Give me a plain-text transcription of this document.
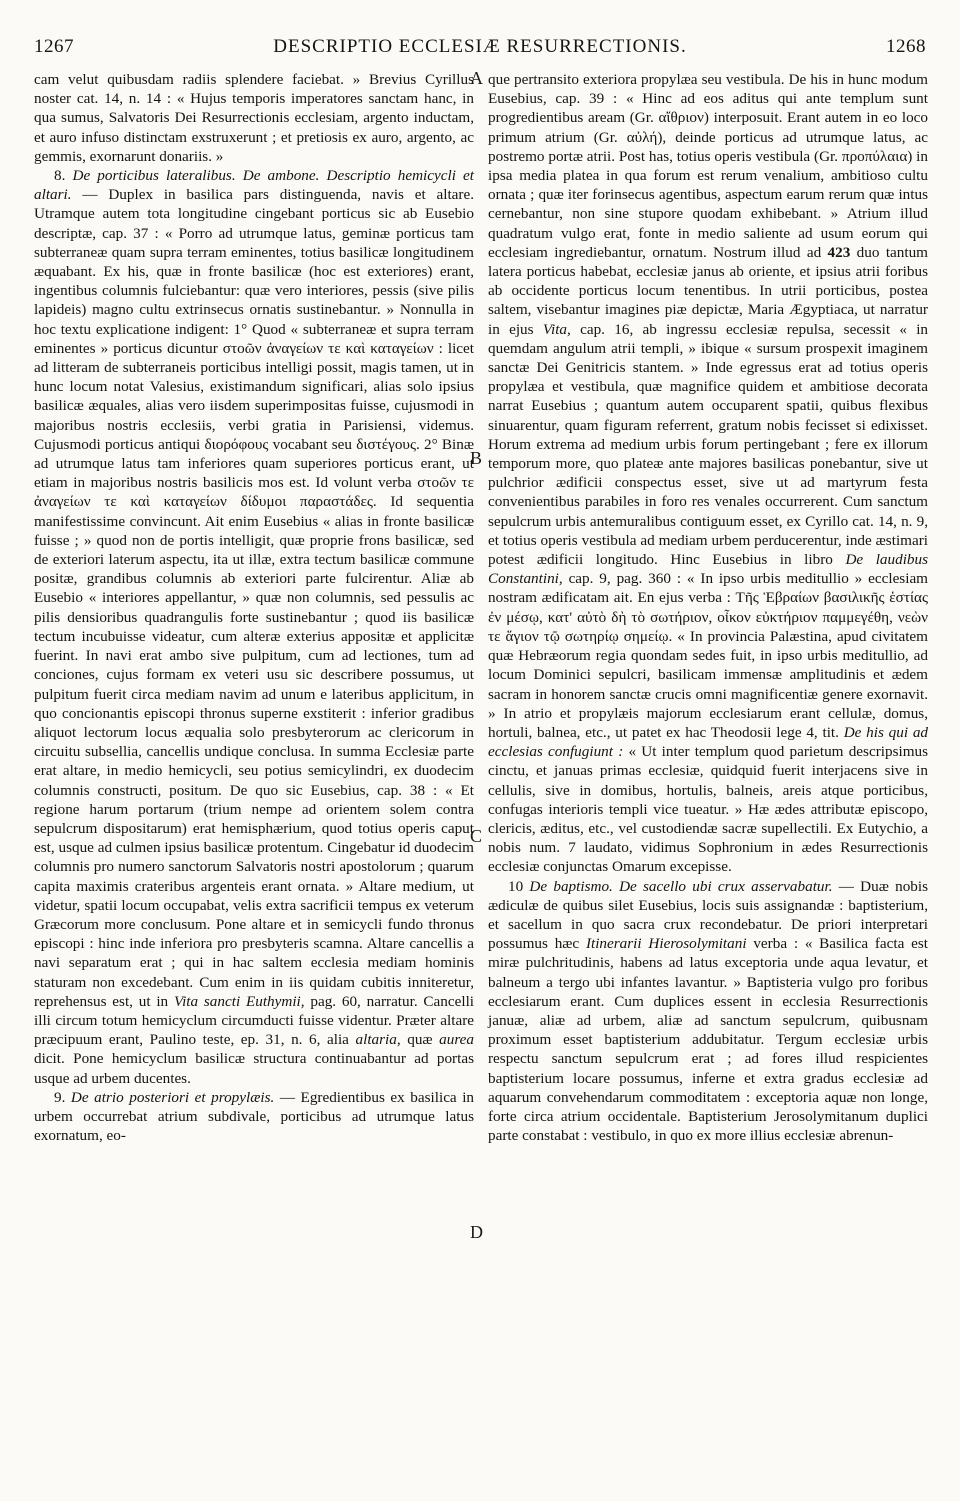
1267	DESCRIPTIO ECCLESIÆ RESURRECTIONIS.	1268
A
B
C
D

cam velut quibusdam radiis splendere faciebat. » Brevius Cyrillus noster cat. 14, n. 14 : « Hujus temporis imperatores sanctam hanc, in qua sumus, Salvatoris Dei Resurrectionis ecclesiam, argento inductam, et auro infuso distinctam exstruxerunt ; et pretiosis ex auro, argento, ac gemmis, exornarunt donariis. »

8. De porticibus lateralibus. De ambone. Descriptio hemicycli et altari. — Duplex in basilica pars distinguenda, navis et altare. Utramque autem tota longitudine cingebant porticus sic ab Eusebio descriptæ, cap. 37 : « Porro ad utrumque latus, geminæ porticus tam subterraneæ quam supra terram eminentes, totius basilicæ longitudinem æquabant. Ex his, quæ in fronte basilicæ (hoc est exteriores) erant, ingentibus columnis fulciebantur: quæ vero interiores, pessis (sive pilis lapideis) magno cultu extrinsecus ornatis sustinebantur. » Nonnulla in hoc textu explicatione indigent: 1° Quod « subterraneæ et supra terram eminentes » porticus dicuntur στοῶν ἀναγείων τε καὶ καταγείων : licet ad litteram de subterraneis porticibus intelligi possit, magis tamen, ut in hunc locum notat Valesius, existimandum significari, alias solo ipsius basilicæ æquales, alias vero iisdem superimpositas fuisse, cujusmodi in majoribus nostris ecclesiis, verbi gratia in Parisiensi, videmus. Cujusmodi porticus antiqui διορόφους vocabant seu διστέγους. 2° Binæ ad utrumque latus tam inferiores quam superiores porticus erant, ut etiam in majoribus nostris basilicis mos est. Id volunt verba στοῶν τε ἀναγείων τε καὶ καταγείων δίδυμοι παραστάδες. Id sequentia manifestissime convincunt. Ait enim Eusebius « alias in fronte basilicæ fuisse ; » quod non de portis intelligit, quæ proprie frons basilicæ, sed de exteriori laterum aspectu, ita ut illæ, extra tectum basilicæ commune positæ, grandibus columnis ab exteriori parte fulcirentur. Aliæ ab Eusebio « interiores appellantur, » quæ non columnis, sed pessulis ac pilis densioribus quadrangulis forte sustinebantur ; quod iis basilicæ tectum incubuisse videatur, cum alteræ exterius appositæ et applicitæ fuerint. In navi erat ambo sive pulpitum, cum ad lectiones, tum ad conciones, cujus formam ex veteri usu sic describere possumus, ut pulpitum fuerit circa mediam navim ad unum e lateribus applicitum, in quo concionantis episcopi thronus superne exstiterit : inferior gradibus aliquot lectorum locus æqualia solo presbyterorum ac clericorum in circuitu subsellia, cancellis undique conclusa. In summa Ecclesiæ parte erat altare, in medio hemicycli, seu potius semicylindri, ex duodecim columnis constructi, positum. De quo sic Eusebius, cap. 38 : « Et regione harum portarum (trium nempe ad orientem solem contra sepulcrum dispositarum) erat hemisphærium, quod totius operis caput est, usque ad culmen ipsius basilicæ protentum. Cingebatur id duodecim columnis pro numero sanctorum Salvatoris nostri apostolorum ; quarum capita maximis crateribus argenteis erant ornata. » Altare medium, ut videtur, spatii locum occupabat, velis extra sacrificii tempus ex veterum Græcorum more conclusum. Pone altare et in semicycli fundo thronus episcopi : hinc inde inferiora pro presbyteris scamna. Altare cancellis a navi separatum erat ; qui in hac saltem ecclesia mediam hominis staturam non excedebant. Cum enim in iis quidam cubitis inniteretur, reprehensus est, ut in Vita sancti Euthymii, pag. 60, narratur. Cancelli illi circum totum hemicyclum circumducti fuisse videntur. Præter altare præcipuum erant, Paulino teste, ep. 31, n. 6, alia altaria, quæ aurea dicit. Pone hemicyclum basilicæ structura continuabantur ad portas usque ad urbem ducentes.

9. De atrio posteriori et propylæis. — Egredientibus ex basilica in urbem occurrebat atrium subdivale, porticibus ad utrumque latus exornatum, eo-

que pertransito exteriora propylæa seu vestibula. De his in hunc modum Eusebius, cap. 39 : « Hinc ad eos aditus qui ante templum sunt progredientibus aream (Gr. αἴθριον) interposuit. Erant autem in eo loco primum atrium (Gr. αὐλή), deinde porticus ad utrumque latus, ac postremo portæ atrii. Post has, totius operis vestibula (Gr. προπύλαια) in ipsa media platea in qua forum est rerum venalium, ambitioso cultu ornata ; quæ iter forinsecus agentibus, aspectum earum rerum quæ intus cernebantur, non sine stupore quodam exhibebant. » Atrium illud quadratum vulgo erat, fonte in medio saliente ad usum eorum qui ecclesiam ingrediebantur, ornatum. Nostrum illud ad 423 duo tantum latera porticus habebat, ecclesiæ janus ab oriente, et ipsius atrii foribus ab occidente porticus locum tenentibus. In utrii porticibus, postea saltem, visebantur imagines piæ depictæ, Maria Ægyptiaca, ut narratur in ejus Vita, cap. 16, ab ingressu ecclesiæ repulsa, secessit « in quemdam angulum atrii templi, » ibique « sursum prospexit imaginem sanctæ Dei Genitricis stantem. » Inde egressus erat ad totius operis propylæa et vestibula, quæ magnifice quidem et ambitiose decorata narrat Eusebius ; quantum autem occuparent spatii, quibus flexibus sinuarentur, quam figuram referrent, gratum nobis fecisset si edixisset. Horum extrema ad medium urbis forum pertingebant ; fere ex illorum temporum more, quo plateæ ante majores basilicas ponebantur, sive ut pulchrior ædificii conspectus esset, sive ut ad martyrum festa convenientibus parabiles in foro res venales occurrerent. Cum sanctum sepulcrum urbis antemuralibus contiguum esset, ex Cyrillo cat. 14, n. 9, et totius operis vestibula ad mediam urbem perducerentur, inde æstimari potest ædificii longitudo. Hinc Eusebius in libro De laudibus Constantini, cap. 9, pag. 360 : « In ipso urbis meditullio » ecclesiam nostram ædificatam ait. En ejus verba : Τῆς Ἑβραίων βασιλικῆς ἑστίας ἐν μέσῳ, κατ' αὐτὸ δὴ τὸ σωτήριον, οἶκον εὐκτήριον παμμεγέθη, νεὼν τε ἅγιον τῷ σωτηρίῳ σημείῳ. « In provincia Palæstina, apud civitatem quæ Hebræorum regia quondam sedes fuit, in ipso urbis meditullio, ad locum Dominici sepulcri, basilicam immensæ amplitudinis et ædem sacram in honorem sanctæ crucis omni magnificentiæ genere exornavit. » In atrio et propylæis majorum ecclesiarum erant cellulæ, domus, hortuli, balnea, etc., ut patet ex hac Theodosii lege 4, tit. De his qui ad ecclesias confugiunt : « Ut inter templum quod parietum descripsimus cinctu, et januas primas ecclesiæ, quidquid fuerit interjacens sive in cellulis, sive in domibus, hortulis, balneis, areis atque porticibus, confugas interioris templi vice tueatur. » Hæ ædes attributæ episcopo, clericis, æditus, etc., vel custodiendæ sacræ supellectili. Ex Eutychio, a nobis num. 7 laudato, vidimus Sophronium in ædes Resurrectionis ecclesiæ conjunctas Omarum excepisse.

10 De baptismo. De sacello ubi crux asservabatur. — Duæ nobis ædiculæ de quibus silet Eusebius, locis suis assignandæ : baptisterium, et sacellum in quo sacra crux recondebatur. De priori interpretari possumus hæc Itinerarii Hierosolymitani verba : « Basilica facta est miræ pulchritudinis, habens ad latus exceptoria unde aqua levatur, et balneum a tergo ubi infantes lavantur. » Baptisteria vulgo pro foribus ecclesiarum erant. Cum duplices essent in ecclesia Resurrectionis januæ, aliæ ad urbem, aliæ ad sanctum sepulcrum, quibusnam proximum esset baptisterium addubitatur. Tergum ecclesiæ urbis respectu sanctum sepulcrum erat ; ad fores illud respicientes baptisterium locare possumus, inferne et extra gradus ecclesiæ ad aquarum convehendarum commoditatem : exceptoria aquæ non longe, forte circa atrium occidentale. Baptisterium Jerosolymitanum duplici parte constabat : vestibulo, in quo ex more illius ecclesiæ abrenun-
